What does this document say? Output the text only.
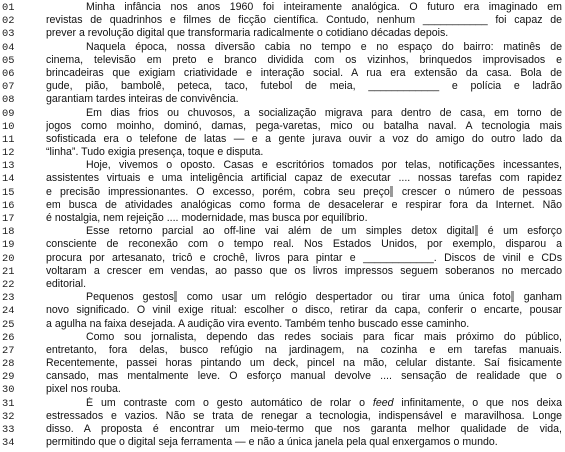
01	Minha infância nos anos 1960 foi inteiramente analógica. O futuro era imaginado em
02	revistas de quadrinhos e filmes de ficção científica. Contudo, nenhum ___________ foi capaz de
03	prever a revolução digital que transformaria radicalmente o cotidiano décadas depois.
04	Naquela época, nossa diversão cabia no tempo e no espaço do bairro: matinês de
05	cinema, televisão em preto e branco dividida com os vizinhos, brinquedos improvisados e
06	brincadeiras que exigiam criatividade e interação social. A rua era extensão da casa. Bola de
07	gude, pião, bambolê, peteca, taco, futebol de meia, ____________ e polícia e ladrão
08	garantiam tardes inteiras de convivência.
09	Em dias frios ou chuvosos, a socialização migrava para dentro de casa, em torno de
10	jogos como moinho, dominó, damas, pega-varetas, mico ou batalha naval. A tecnologia mais
11	sofisticada era o telefone de latas — e a gente jurava ouvir a voz do amigo do outro lado da
12	“linha”. Tudo exigia presença, toque e disputa.
13	Hoje, vivemos o oposto. Casas e escritórios tomados por telas, notificações incessantes,
14	assistentes virtuais e uma inteligência artificial capaz de executar .... nossas tarefas com rapidez
15	e precisão impressionantes. O excesso, porém, cobra seu preço crescer o número de pessoas
16	em busca de atividades analógicas como forma de desacelerar e respirar fora da Internet. Não
17	é nostalgia, nem rejeição .... modernidade, mas busca por equilíbrio.
18	Esse retorno parcial ao off-line vai além de um simples detox digital é um esforço
19	consciente de reconexão com o tempo real. Nos Estados Unidos, por exemplo, disparou a
20	procura por artesanato, tricô e crochê, livros para pintar e ____________. Discos de vinil e CDs
21	voltaram a crescer em vendas, ao passo que os livros impressos seguem soberanos no mercado
22	editorial.
23	Pequenos gestos como usar um relógio despertador ou tirar uma única foto ganham
24	novo significado. O vinil exige ritual: escolher o disco, retirar da capa, conferir o encarte, pousar
25	a agulha na faixa desejada. A audição vira evento. Também tenho buscado esse caminho.
26	Como sou jornalista, dependo das redes sociais para ficar mais próximo do público,
27	entretanto, fora delas, busco refúgio na jardinagem, na cozinha e em tarefas manuais.
28	Recentemente, passei horas pintando um deck, pincel na mão, celular distante. Saí fisicamente
29	cansado, mas mentalmente leve. O esforço manual devolve .... sensação de realidade que o
30	pixel nos rouba.
31	É um contraste com o gesto automático de rolar o feed infinitamente, o que nos deixa
32	estressados e vazios. Não se trata de renegar a tecnologia, indispensável e maravilhosa. Longe
33	disso. A proposta é encontrar um meio-termo que nos garanta melhor qualidade de vida,
34	permitindo que o digital seja ferramenta — e não a única janela pela qual enxergamos o mundo.
